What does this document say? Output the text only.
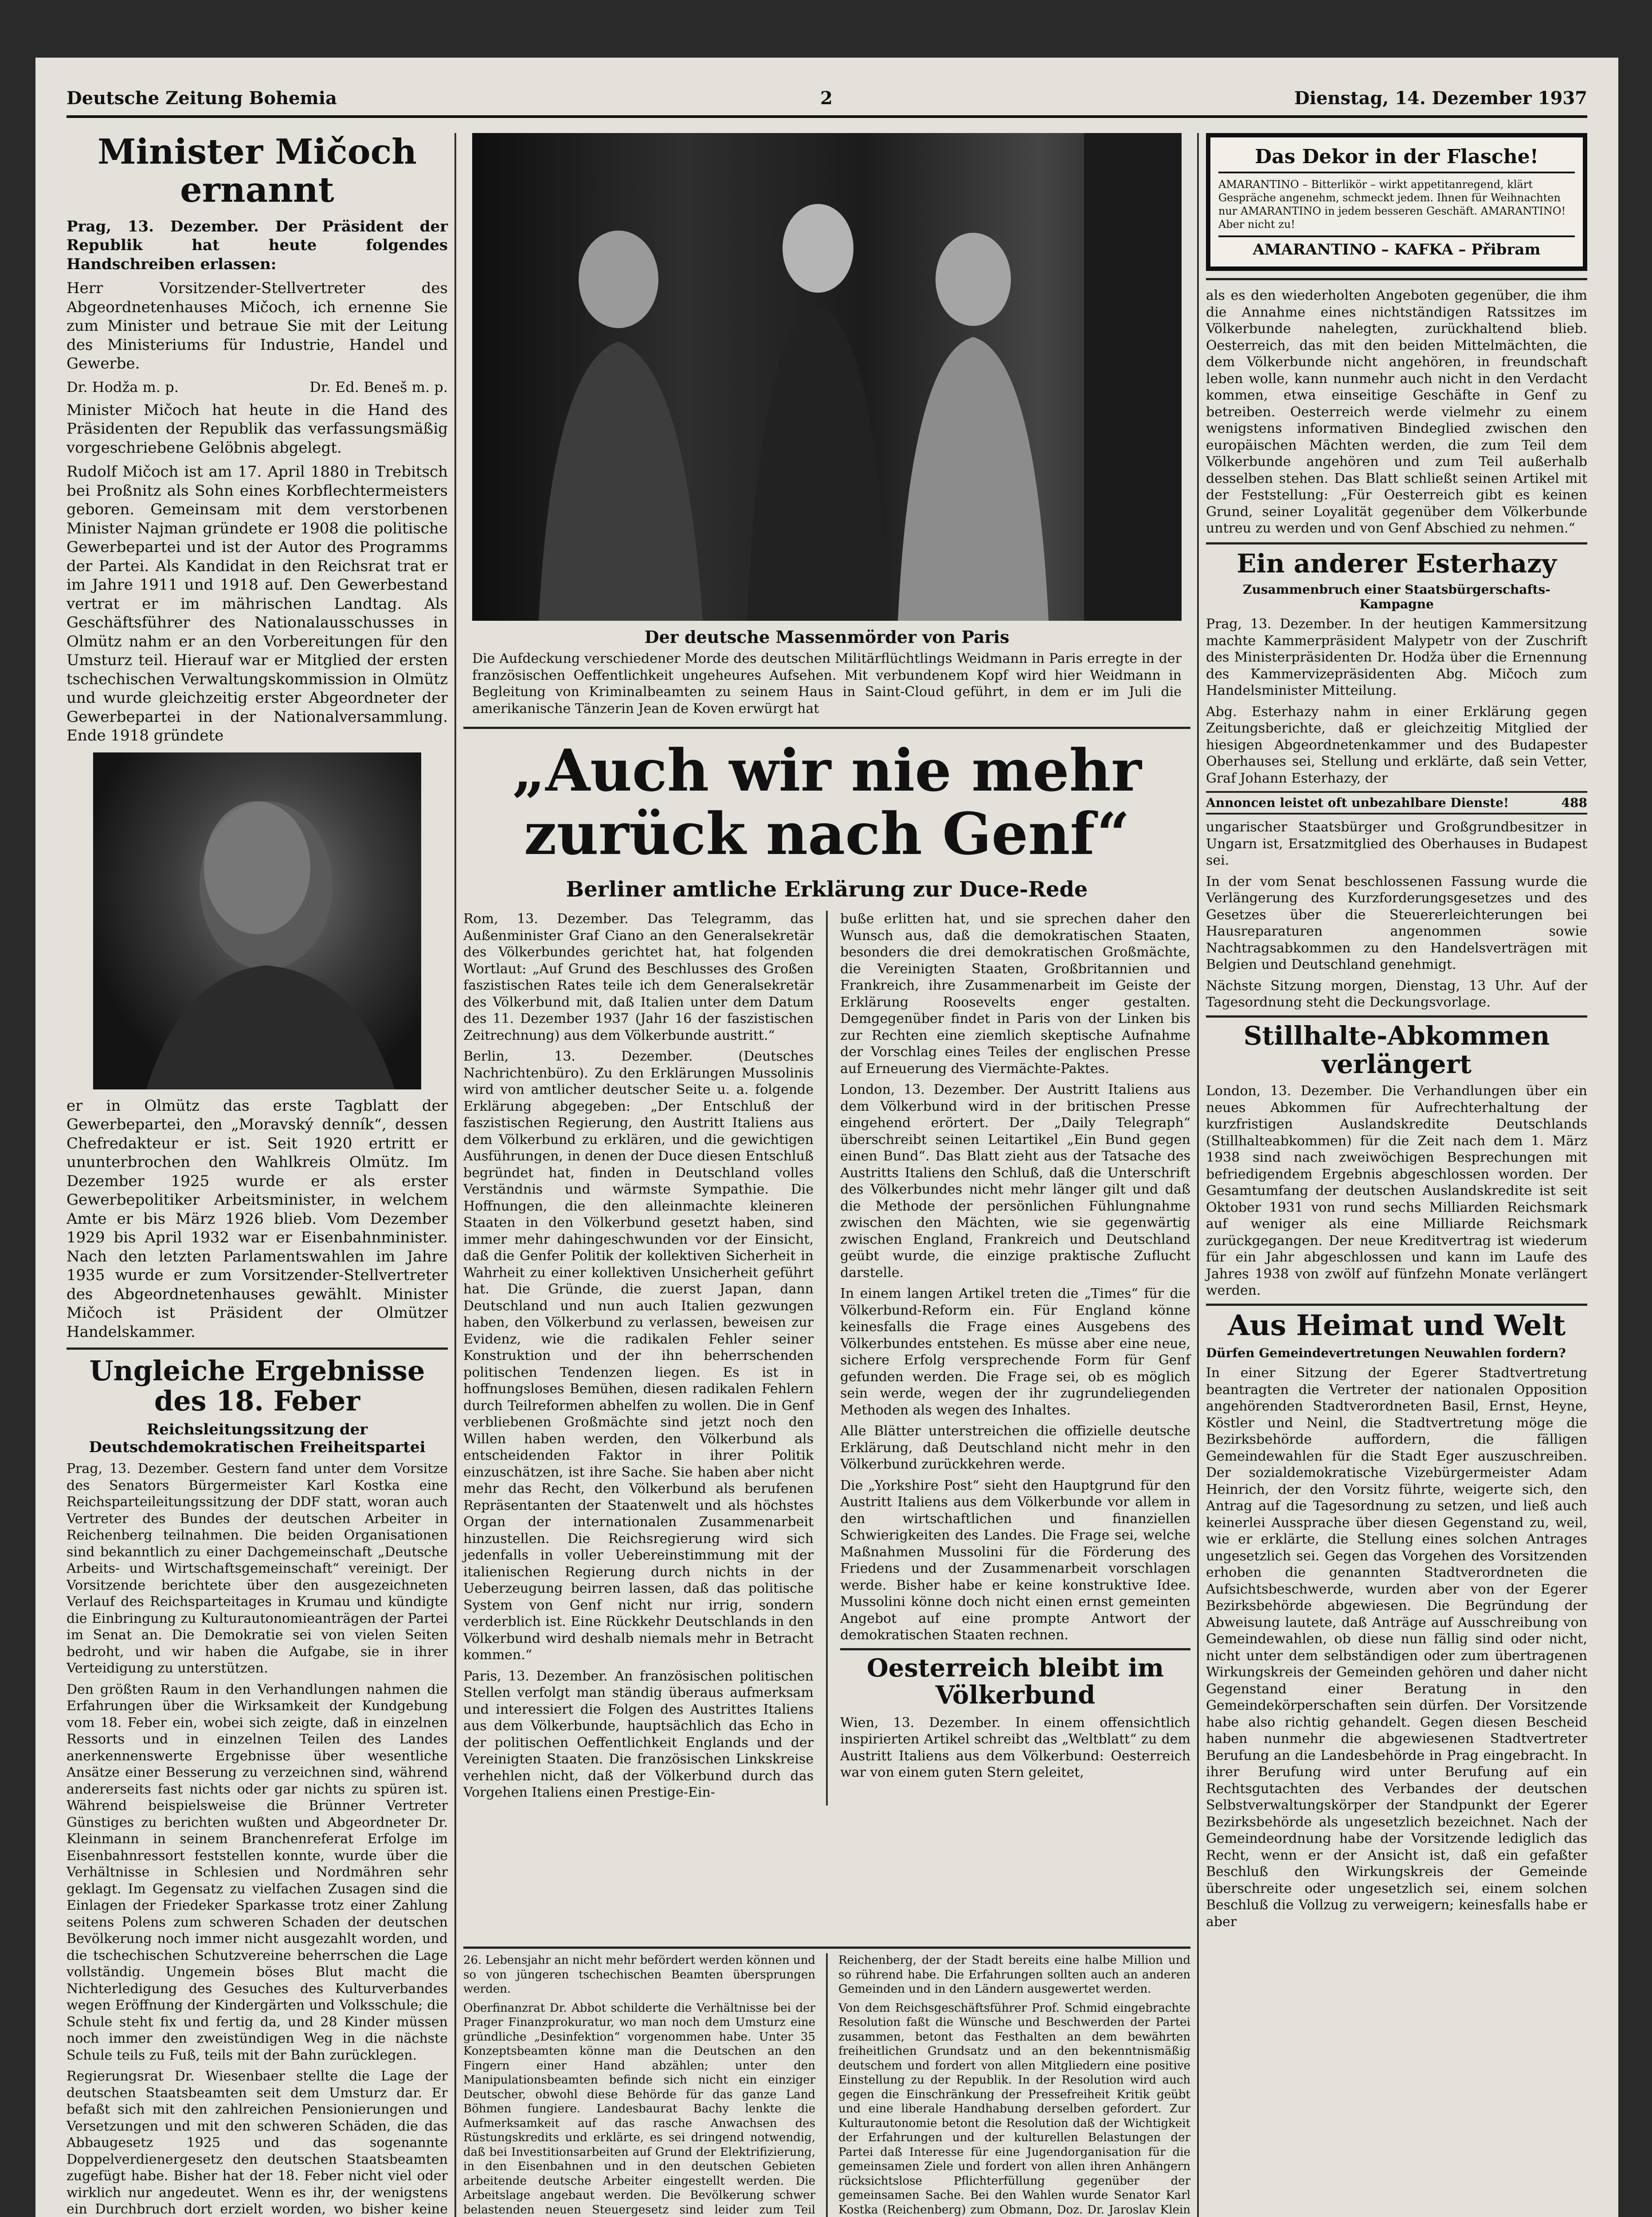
Deutsche Zeitung Bohemia	2	Dienstag, 14. Dezember 1937
Minister Mičoch ernannt

Prag, 13. Dezember. Der Präsident der Republik hat heute folgendes Handschreiben erlassen:

Herr Vorsitzender-Stellvertreter des Abgeordnetenhauses Mičoch, ich ernenne Sie zum Minister und betraue Sie mit der Leitung des Ministeriums für Industrie, Handel und Gewerbe.

Dr. Hodža m. p.	Dr. Ed. Beneš m. p.

Minister Mičoch hat heute in die Hand des Präsidenten der Republik das verfassungsmäßig vorgeschriebene Gelöbnis abgelegt.

Rudolf Mičoch ist am 17. April 1880 in Trebitsch bei Proßnitz als Sohn eines Korbflechtermeisters geboren. Gemeinsam mit dem verstorbenen Minister Najman gründete er 1908 die politische Gewerbepartei und ist der Autor des Programms der Partei. Als Kandidat in den Reichsrat trat er im Jahre 1911 und 1918 auf. Den Gewerbestand vertrat er im mährischen Landtag. Als Geschäftsführer des Nationalausschusses in Olmütz nahm er an den Vorbereitungen für den Umsturz teil. Hierauf war er Mitglied der ersten tschechischen Verwaltungskommission in Olmütz und wurde gleichzeitig erster Abgeordneter der Gewerbepartei in der Nationalversammlung. Ende 1918 gründete

er in Olmütz das erste Tagblatt der Gewerbepartei, den „Moravský denník“, dessen Chefredakteur er ist. Seit 1920 ertritt er ununterbrochen den Wahlkreis Olmütz. Im Dezember 1925 wurde er als erster Gewerbepolitiker Arbeitsminister, in welchem Amte er bis März 1926 blieb. Vom Dezember 1929 bis April 1932 war er Eisenbahnminister. Nach den letzten Parlamentswahlen im Jahre 1935 wurde er zum Vorsitzender-Stellvertreter des Abgeordnetenhauses gewählt. Minister Mičoch ist Präsident der Olmützer Handelskammer.

Ungleiche Ergebnisse des 18. Feber
Reichsleitungssitzung der Deutschdemokratischen Freiheitspartei

Prag, 13. Dezember. Gestern fand unter dem Vorsitze des Senators Bürgermeister Karl Kostka eine Reichsparteileitungssitzung der DDF statt, woran auch Vertreter des Bundes der deutschen Arbeiter in Reichenberg teilnahmen. Die beiden Organisationen sind bekanntlich zu einer Dachgemeinschaft „Deutsche Arbeits- und Wirtschaftsgemeinschaft“ vereinigt. Der Vorsitzende berichtete über den ausgezeichneten Verlauf des Reichsparteitages in Krumau und kündigte die Einbringung zu Kulturautonomieanträgen der Partei im Senat an. Die Demokratie sei von vielen Seiten bedroht, und wir haben die Aufgabe, sie in ihrer Verteidigung zu unterstützen.

Den größten Raum in den Verhandlungen nahmen die Erfahrungen über die Wirksamkeit der Kundgebung vom 18. Feber ein, wobei sich zeigte, daß in einzelnen Ressorts und in einzelnen Teilen des Landes anerkennenswerte Ergebnisse über wesentliche Ansätze einer Besserung zu verzeichnen sind, während andererseits fast nichts oder gar nichts zu spüren ist. Während beispielsweise die Brünner Vertreter Günstiges zu berichten wußten und Abgeordneter Dr. Kleinmann in seinem Branchenreferat Erfolge im Eisenbahnressort feststellen konnte, wurde über die Verhältnisse in Schlesien und Nordmähren sehr geklagt. Im Gegensatz zu vielfachen Zusagen sind die Einlagen der Friedeker Sparkasse trotz einer Zahlung seitens Polens zum schweren Schaden der deutschen Bevölkerung noch immer nicht ausgezahlt worden, und die tschechischen Schutzvereine beherrschen die Lage vollständig. Ungemein böses Blut macht die Nichterledigung des Gesuches des Kulturverbandes wegen Eröffnung der Kindergärten und Volksschule; die Schule steht fix und fertig da, und 28 Kinder müssen noch immer den zweistündigen Weg in die nächste Schule teils zu Fuß, teils mit der Bahn zurücklegen.

Regierungsrat Dr. Wiesenbaer stellte die Lage der deutschen Staatsbeamten seit dem Umsturz dar. Er befaßt sich mit den zahlreichen Pensionierungen und Versetzungen und mit den schweren Schäden, die das Abbaugesetz 1925 und das sogenannte Doppelverdienergesetz den deutschen Staatsbeamten zugefügt habe. Bisher hat der 18. Feber nicht viel oder wirklich nur angedeutet. Wenn es ihr, der wenigstens ein Durchbruch dort erzielt worden, wo bisher keine

Der deutsche Massenmörder von Paris
Die Aufdeckung verschiedener Morde des deutschen Militärflüchtlings Weidmann in Paris erregte in der französischen Oeffentlichkeit ungeheures Aufsehen. Mit verbundenem Kopf wird hier Weidmann in Begleitung von Kriminalbeamten zu seinem Haus in Saint-Cloud geführt, in dem er im Juli die amerikanische Tänzerin Jean de Koven erwürgt hat
„Auch wir nie mehr zurück nach Genf“
Berliner amtliche Erklärung zur Duce-Rede

Rom, 13. Dezember. Das Telegramm, das Außenminister Graf Ciano an den Generalsekretär des Völkerbundes gerichtet hat, hat folgenden Wortlaut: „Auf Grund des Beschlusses des Großen faszistischen Rates teile ich dem Generalsekretär des Völkerbund mit, daß Italien unter dem Datum des 11. Dezember 1937 (Jahr 16 der faszistischen Zeitrechnung) aus dem Völkerbunde austritt.“

Berlin, 13. Dezember. (Deutsches Nachrichtenbüro). Zu den Erklärungen Mussolinis wird von amtlicher deutscher Seite u. a. folgende Erklärung abgegeben: „Der Entschluß der faszistischen Regierung, den Austritt Italiens aus dem Völkerbund zu erklären, und die gewichtigen Ausführungen, in denen der Duce diesen Entschluß begründet hat, finden in Deutschland volles Verständnis und wärmste Sympathie. Die Hoffnungen, die den alleinmachte kleineren Staaten in den Völkerbund gesetzt haben, sind immer mehr dahingeschwunden vor der Einsicht, daß die Genfer Politik der kollektiven Sicherheit in Wahrheit zu einer kollektiven Unsicherheit geführt hat. Die Gründe, die zuerst Japan, dann Deutschland und nun auch Italien gezwungen haben, den Völkerbund zu verlassen, beweisen zur Evidenz, wie die radikalen Fehler seiner Konstruktion und der ihn beherrschenden politischen Tendenzen liegen. Es ist in hoffnungsloses Bemühen, diesen radikalen Fehlern durch Teilreformen abhelfen zu wollen. Die in Genf verbliebenen Großmächte sind jetzt noch den Willen haben werden, den Völkerbund als entscheidenden Faktor in ihrer Politik einzuschätzen, ist ihre Sache. Sie haben aber nicht mehr das Recht, den Völkerbund als berufenen Repräsentanten der Staatenwelt und als höchstes Organ der internationalen Zusammenarbeit hinzustellen. Die Reichsregierung wird sich jedenfalls in voller Uebereinstimmung mit der italienischen Regierung durch nichts in der Ueberzeugung beirren lassen, daß das politische System von Genf nicht nur irrig, sondern verderblich ist. Eine Rückkehr Deutschlands in den Völkerbund wird deshalb niemals mehr in Betracht kommen.“

Paris, 13. Dezember. An französischen politischen Stellen verfolgt man ständig überaus aufmerksam und interessiert die Folgen des Austrittes Italiens aus dem Völkerbunde, hauptsächlich das Echo in der politischen Oeffentlichkeit Englands und der Vereinigten Staaten. Die französischen Linkskreise verhehlen nicht, daß der Völkerbund durch das Vorgehen Italiens einen Prestige-Ein-

buße erlitten hat, und sie sprechen daher den Wunsch aus, daß die demokratischen Staaten, besonders die drei demokratischen Großmächte, die Vereinigten Staaten, Großbritannien und Frankreich, ihre Zusammenarbeit im Geiste der Erklärung Roosevelts enger gestalten. Demgegenüber findet in Paris von der Linken bis zur Rechten eine ziemlich skeptische Aufnahme der Vorschlag eines Teiles der englischen Presse auf Erneuerung des Viermächte-Paktes.

London, 13. Dezember. Der Austritt Italiens aus dem Völkerbund wird in der britischen Presse eingehend erörtert. Der „Daily Telegraph“ überschreibt seinen Leitartikel „Ein Bund gegen einen Bund“. Das Blatt zieht aus der Tatsache des Austritts Italiens den Schluß, daß die Unterschrift des Völkerbundes nicht mehr länger gilt und daß die Methode der persönlichen Fühlungnahme zwischen den Mächten, wie sie gegenwärtig zwischen England, Frankreich und Deutschland geübt wurde, die einzige praktische Zuflucht darstelle.

In einem langen Artikel treten die „Times“ für die Völkerbund-Reform ein. Für England könne keinesfalls die Frage eines Ausgebens des Völkerbundes entstehen. Es müsse aber eine neue, sichere Erfolg versprechende Form für Genf gefunden werden. Die Frage sei, ob es möglich sein werde, wegen der ihr zugrundeliegenden Methoden als wegen des Inhaltes.

Alle Blätter unterstreichen die offizielle deutsche Erklärung, daß Deutschland nicht mehr in den Völkerbund zurückkehren werde.

Die „Yorkshire Post“ sieht den Hauptgrund für den Austritt Italiens aus dem Völkerbunde vor allem in den wirtschaftlichen und finanziellen Schwierigkeiten des Landes. Die Frage sei, welche Maßnahmen Mussolini für die Förderung des Friedens und der Zusammenarbeit vorschlagen werde. Bisher habe er keine konstruktive Idee. Mussolini könne doch nicht einen ernst gemeinten Angebot auf eine prompte Antwort der demokratischen Staaten rechnen.

Oesterreich bleibt im Völkerbund

Wien, 13. Dezember. In einem offensichtlich inspirierten Artikel schreibt das „Weltblatt“ zu dem Austritt Italiens aus dem Völkerbund: Oesterreich war von einem guten Stern geleitet,

Das Dekor in der Flasche!
AMARANTINO – Bitterlikör – wirkt appetitanregend, klärt Gespräche angenehm, schmeckt jedem. Ihnen für Weihnachten nur AMARANTINO in jedem besseren Geschäft. AMARANTINO! Aber nicht zu!
AMARANTINO – KAFKA – Přibram

als es den wiederholten Angeboten gegenüber, die ihm die Annahme eines nichtständigen Ratssitzes im Völkerbunde nahelegten, zurückhaltend blieb. Oesterreich, das mit den beiden Mittelmächten, die dem Völkerbunde nicht angehören, in freundschaft leben wolle, kann nunmehr auch nicht in den Verdacht kommen, etwa einseitige Geschäfte in Genf zu betreiben. Oesterreich werde vielmehr zu einem wenigstens informativen Bindeglied zwischen den europäischen Mächten werden, die zum Teil dem Völkerbunde angehören und zum Teil außerhalb desselben stehen. Das Blatt schließt seinen Artikel mit der Feststellung: „Für Oesterreich gibt es keinen Grund, seiner Loyalität gegenüber dem Völkerbunde untreu zu werden und von Genf Abschied zu nehmen.“

Ein anderer Esterhazy
Zusammenbruch einer Staatsbürgerschafts-Kampagne

Prag, 13. Dezember. In der heutigen Kammersitzung machte Kammerpräsident Malypetr von der Zuschrift des Ministerpräsidenten Dr. Hodža über die Ernennung des Kammervizepräsidenten Abg. Mičoch zum Handelsminister Mitteilung.

Abg. Esterhazy nahm in einer Erklärung gegen Zeitungsberichte, daß er gleichzeitig Mitglied der hiesigen Abgeordnetenkammer und des Budapester Oberhauses sei, Stellung und erklärte, daß sein Vetter, Graf Johann Esterhazy, der

Annoncen leistet oft unbezahlbare Dienste!	488

ungarischer Staatsbürger und Großgrundbesitzer in Ungarn ist, Ersatzmitglied des Oberhauses in Budapest sei.

In der vom Senat beschlossenen Fassung wurde die Verlängerung des Kurzforderungsgesetzes und des Gesetzes über die Steuererleichterungen bei Hausreparaturen angenommen sowie Nachtragsabkommen zu den Handelsverträgen mit Belgien und Deutschland genehmigt.

Nächste Sitzung morgen, Dienstag, 13 Uhr. Auf der Tagesordnung steht die Deckungsvorlage.

Stillhalte-Abkommen verlängert

London, 13. Dezember. Die Verhandlungen über ein neues Abkommen für Aufrechterhaltung der kurzfristigen Auslandskredite Deutschlands (Stillhalteabkommen) für die Zeit nach dem 1. März 1938 sind nach zweiwöchigen Besprechungen mit befriedigendem Ergebnis abgeschlossen worden. Der Gesamtumfang der deutschen Auslandskredite ist seit Oktober 1931 von rund sechs Milliarden Reichsmark auf weniger als eine Milliarde Reichsmark zurückgegangen. Der neue Kreditvertrag ist wiederum für ein Jahr abgeschlossen und kann im Laufe des Jahres 1938 von zwölf auf fünfzehn Monate verlängert werden.

Aus Heimat und Welt
Dürfen Gemeindevertretungen Neuwahlen fordern?

In einer Sitzung der Egerer Stadtvertretung beantragten die Vertreter der nationalen Opposition angehörenden Stadtverordneten Basil, Ernst, Heyne, Köstler und Neinl, die Stadtvertretung möge die Bezirksbehörde auffordern, die fälligen Gemeindewahlen für die Stadt Eger auszuschreiben. Der sozialdemokratische Vizebürgermeister Adam Heinrich, der den Vorsitz führte, weigerte sich, den Antrag auf die Tagesordnung zu setzen, und ließ auch keinerlei Aussprache über diesen Gegenstand zu, weil, wie er erklärte, die Stellung eines solchen Antrages ungesetzlich sei. Gegen das Vorgehen des Vorsitzenden erhoben die genannten Stadtverordneten die Aufsichtsbeschwerde, wurden aber von der Egerer Bezirksbehörde abgewiesen. Die Begründung der Abweisung lautete, daß Anträge auf Ausschreibung von Gemeindewahlen, ob diese nun fällig sind oder nicht, nicht unter dem selbständigen oder zum übertragenen Wirkungskreis der Gemeinden gehören und daher nicht Gegenstand einer Beratung in den Gemeindekörperschaften sein dürfen. Der Vorsitzende habe also richtig gehandelt. Gegen diesen Bescheid haben nunmehr die abgewiesenen Stadtvertreter Berufung an die Landesbehörde in Prag eingebracht. In ihrer Berufung wird unter Berufung auf ein Rechtsgutachten des Verbandes der deutschen Selbstverwaltungskörper der Standpunkt der Egerer Bezirksbehörde als ungesetzlich bezeichnet. Nach der Gemeindeordnung habe der Vorsitzende lediglich das Recht, wenn er der Ansicht ist, daß ein gefaßter Beschluß den Wirkungskreis der Gemeinde überschreite oder ungesetzlich sei, einem solchen Beschluß die Vollzug zu verweigern; keinesfalls habe er aber

26. Lebensjahr an nicht mehr befördert werden können und so von jüngeren tschechischen Beamten übersprungen werden.

Oberfinanzrat Dr. Abbot schilderte die Verhältnisse bei der Prager Finanzprokuratur, wo man noch dem Umsturz eine gründliche „Desinfektion“ vorgenommen habe. Unter 35 Konzeptsbeamten könne man die Deutschen an den Fingern einer Hand abzählen; unter den Manipulationsbeamten befinde sich nicht ein einziger Deutscher, obwohl diese Behörde für das ganze Land Böhmen fungiere. Landesbaurat Bachy lenkte die Aufmerksamkeit auf das rasche Anwachsen des Rüstungskredits und erklärte, es sei dringend notwendig, daß bei Investitionsarbeiten auf Grund der Elektrifizierung, in den Eisenbahnen und in den deutschen Gebieten arbeitende deutsche Arbeiter eingestellt werden. Die Arbeitslage angebaut werden. Die Bevölkerung schwer belastenden neuen Steuergesetz sind leider zum Teil

Reichenberg, der der Stadt bereits eine halbe Million und so rührend habe. Die Erfahrungen sollten auch an anderen Gemeinden und in den Ländern ausgewertet werden.

Von dem Reichsgeschäftsführer Prof. Schmid eingebrachte Resolution faßt die Wünsche und Beschwerden der Partei zusammen, betont das Festhalten an dem bewährten freiheitlichen Grundsatz und an den bekenntnismäßig deutschem und fordert von allen Mitgliedern eine positive Einstellung zu der Republik. In der Resolution wird auch gegen die Einschränkung der Pressefreiheit Kritik geübt und eine liberale Handhabung derselben gefordert. Zur Kulturautonomie betont die Resolution daß der Wichtigkeit der Erfahrungen und der kulturellen Belastungen der Partei daß Interesse für eine Jugendorganisation für die gemeinsamen Ziele und fordert von allen ihren Anhängern rücksichtslose Pflichterfüllung gegenüber der gemeinsamen Sache. Bei den Wahlen wurde Senator Karl Kostka (Reichenberg) zum Obmann, Doz. Dr. Jaroslav Klein
